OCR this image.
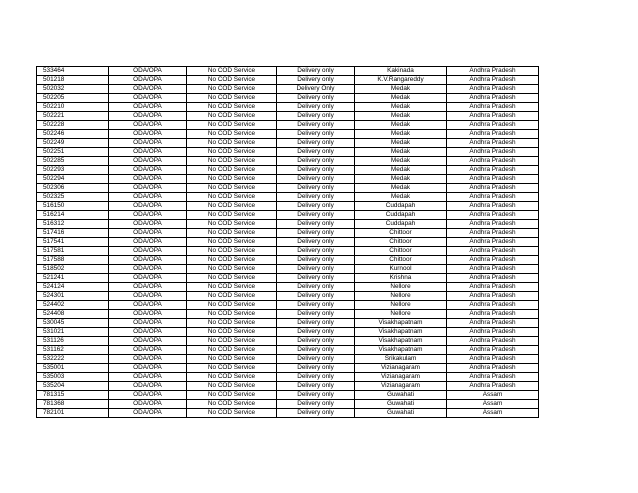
533464	ODA/OPA	No COD Service	Delivery only	Kakinada	Andhra Pradesh
501218	ODA/OPA	No COD Service	Delivery only	K.V.Rangareddy	Andhra Pradesh
502032	ODA/OPA	No COD Service	Delivery Only	Medak	Andhra Pradesh
502205	ODA/OPA	No COD Service	Delivery only	Medak	Andhra Pradesh
502210	ODA/OPA	No COD Service	Delivery only	Medak	Andhra Pradesh
502221	ODA/OPA	No COD Service	Delivery only	Medak	Andhra Pradesh
502228	ODA/OPA	No COD Service	Delivery only	Medak	Andhra Pradesh
502246	ODA/OPA	No COD Service	Delivery only	Medak	Andhra Pradesh
502249	ODA/OPA	No COD Service	Delivery only	Medak	Andhra Pradesh
502251	ODA/OPA	No COD Service	Delivery only	Medak	Andhra Pradesh
502285	ODA/OPA	No COD Service	Delivery only	Medak	Andhra Pradesh
502293	ODA/OPA	No COD Service	Delivery only	Medak	Andhra Pradesh
502294	ODA/OPA	No COD Service	Delivery only	Medak	Andhra Pradesh
502306	ODA/OPA	No COD Service	Delivery only	Medak	Andhra Pradesh
502325	ODA/OPA	No COD Service	Delivery only	Medak	Andhra Pradesh
516150	ODA/OPA	No COD Service	Delivery only	Cuddapah	Andhra Pradesh
516214	ODA/OPA	No COD Service	Delivery only	Cuddapah	Andhra Pradesh
516312	ODA/OPA	No COD Service	Delivery only	Cuddapah	Andhra Pradesh
517416	ODA/OPA	No COD Service	Delivery only	Chittoor	Andhra Pradesh
517541	ODA/OPA	No COD Service	Delivery only	Chittoor	Andhra Pradesh
517581	ODA/OPA	No COD Service	Delivery only	Chittoor	Andhra Pradesh
517588	ODA/OPA	No COD Service	Delivery only	Chittoor	Andhra Pradesh
518502	ODA/OPA	No COD Service	Delivery only	Kurnool	Andhra Pradesh
521241	ODA/OPA	No COD Service	Delivery only	Krishna	Andhra Pradesh
524124	ODA/OPA	No COD Service	Delivery only	Nellore	Andhra Pradesh
524301	ODA/OPA	No COD Service	Delivery only	Nellore	Andhra Pradesh
524402	ODA/OPA	No COD Service	Delivery only	Nellore	Andhra Pradesh
524408	ODA/OPA	No COD Service	Delivery only	Nellore	Andhra Pradesh
530045	ODA/OPA	No COD Service	Delivery only	Visakhapatnam	Andhra Pradesh
531021	ODA/OPA	No COD Service	Delivery only	Visakhapatnam	Andhra Pradesh
531126	ODA/OPA	No COD Service	Delivery only	Visakhapatnam	Andhra Pradesh
531162	ODA/OPA	No COD Service	Delivery only	Visakhapatnam	Andhra Pradesh
532222	ODA/OPA	No COD Service	Delivery only	Srikakulam	Andhra Pradesh
535001	ODA/OPA	No COD Service	Delivery only	Vizianagaram	Andhra Pradesh
535003	ODA/OPA	No COD Service	Delivery only	Vizianagaram	Andhra Pradesh
535204	ODA/OPA	No COD Service	Delivery only	Vizianagaram	Andhra Pradesh
781315	ODA/OPA	No COD Service	Delivery only	Guwahati	Assam
781368	ODA/OPA	No COD Service	Delivery only	Guwahati	Assam
782101	ODA/OPA	No COD Service	Delivery only	Guwahati	Assam
